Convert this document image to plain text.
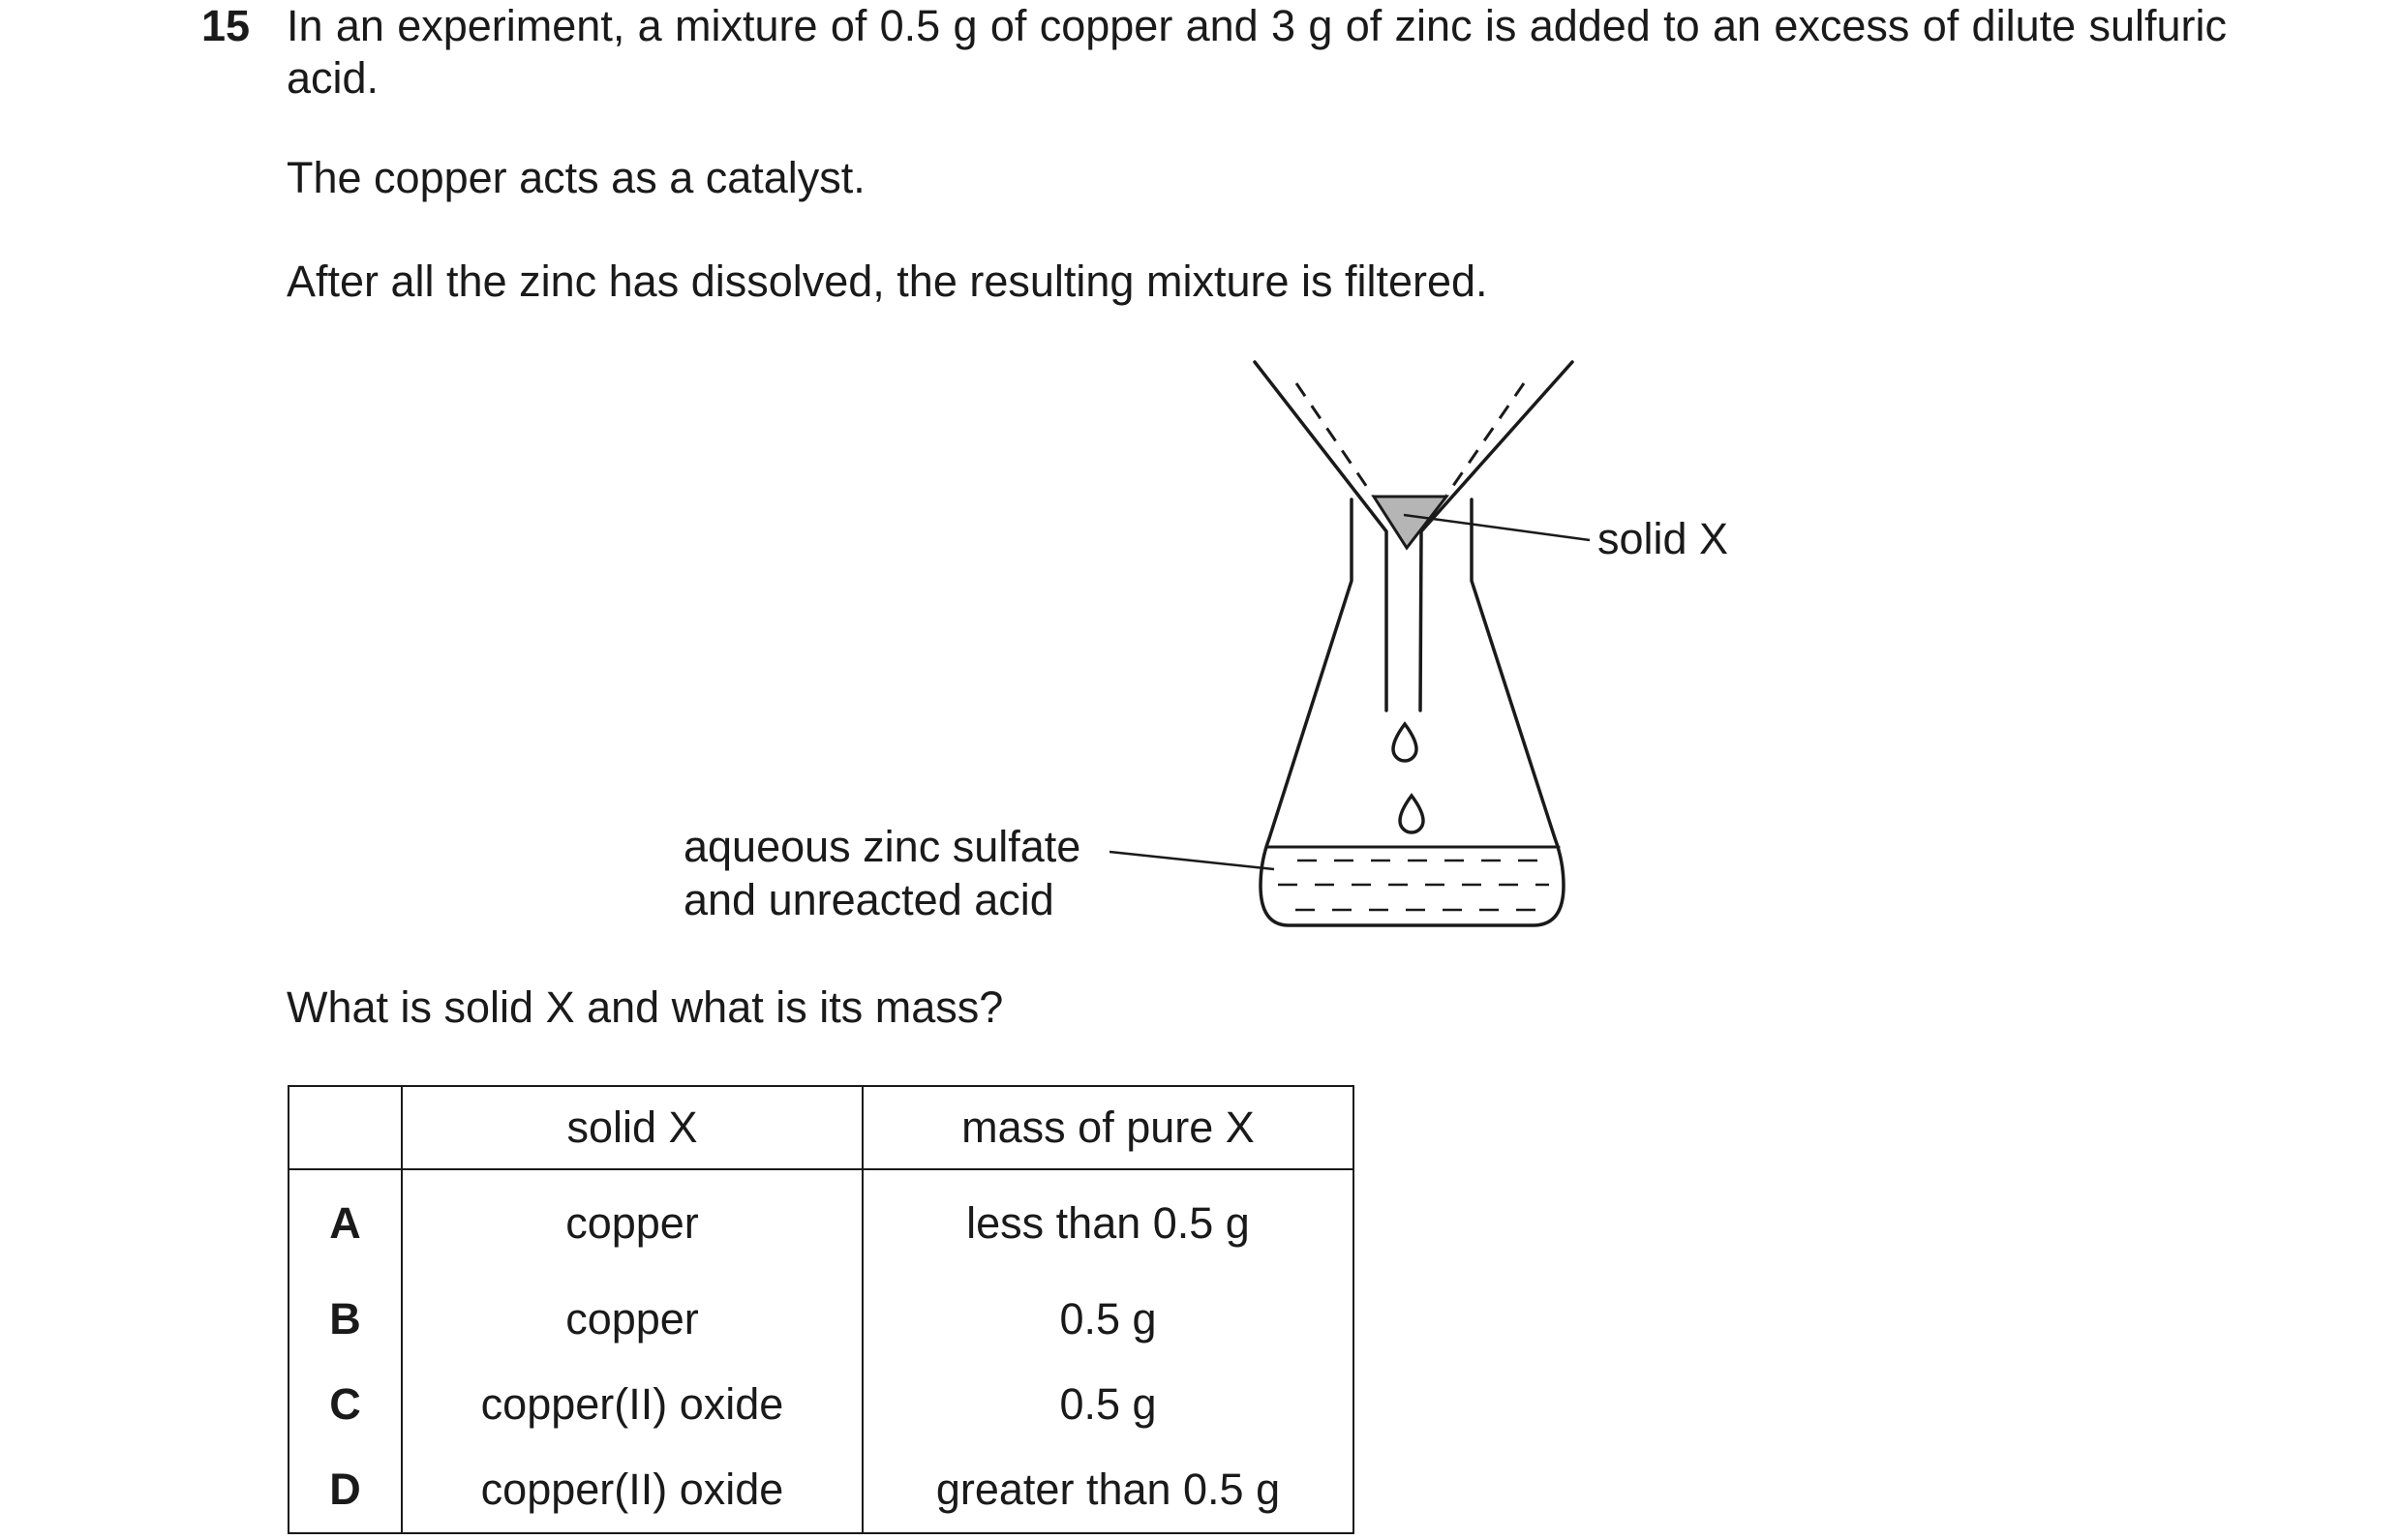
15 In an experiment, a mixture of 0.5 g of copper and 3 g of zinc is added to an excess of dilute sulfuric acid.

The copper acts as a catalyst.

After all the zinc has dissolved, the resulting mixture is filtered.

solid X
aqueous zinc sulfate
and unreacted acid

What is solid X and what is its mass?

	solid X	mass of pure X
A	copper	less than 0.5 g
B	copper	0.5 g
C	copper(II) oxide	0.5 g
D	copper(II) oxide	greater than 0.5 g
